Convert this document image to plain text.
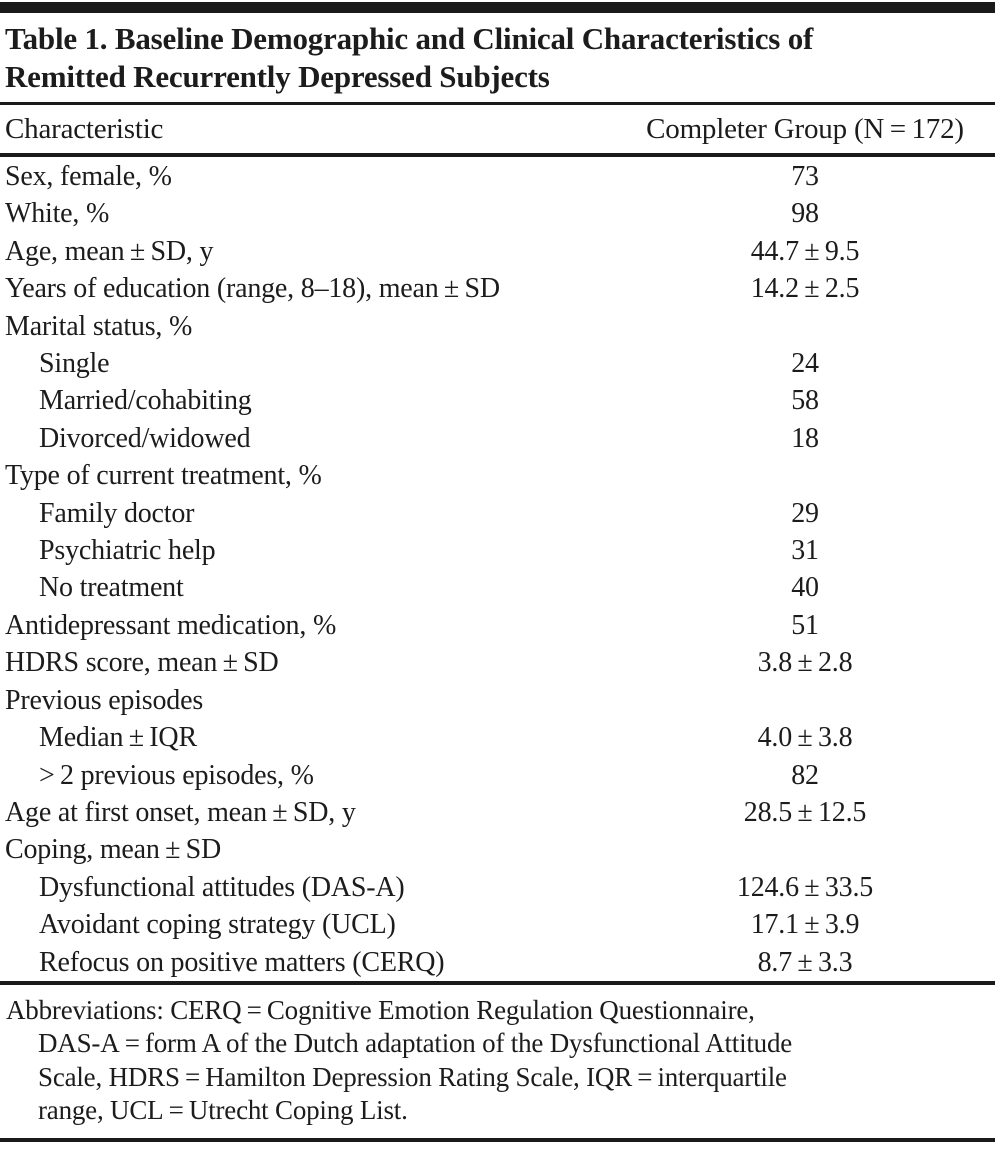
Table 1. Baseline Demographic and Clinical Characteristics of
Remitted Recurrently Depressed Subjects
Characteristic	Completer Group (N = 172)
Sex, female, %	73
White, %	98
Age, mean ± SD, y	44.7 ± 9.5
Years of education (range, 8–18), mean ± SD	14.2 ± 2.5
Marital status, %
Single	24
Married/cohabiting	58
Divorced/widowed	18
Type of current treatment, %
Family doctor	29
Psychiatric help	31
No treatment	40
Antidepressant medication, %	51
HDRS score, mean ± SD	3.8 ± 2.8
Previous episodes
Median ± IQR	4.0 ± 3.8
> 2 previous episodes, %	82
Age at first onset, mean ± SD, y	28.5 ± 12.5
Coping, mean ± SD
Dysfunctional attitudes (DAS-A)	124.6 ± 33.5
Avoidant coping strategy (UCL)	17.1 ± 3.9
Refocus on positive matters (CERQ)	8.7 ± 3.3
Abbreviations: CERQ = Cognitive Emotion Regulation Questionnaire,
DAS-A = form A of the Dutch adaptation of the Dysfunctional Attitude
Scale, HDRS = Hamilton Depression Rating Scale, IQR = interquartile
range, UCL = Utrecht Coping List.
